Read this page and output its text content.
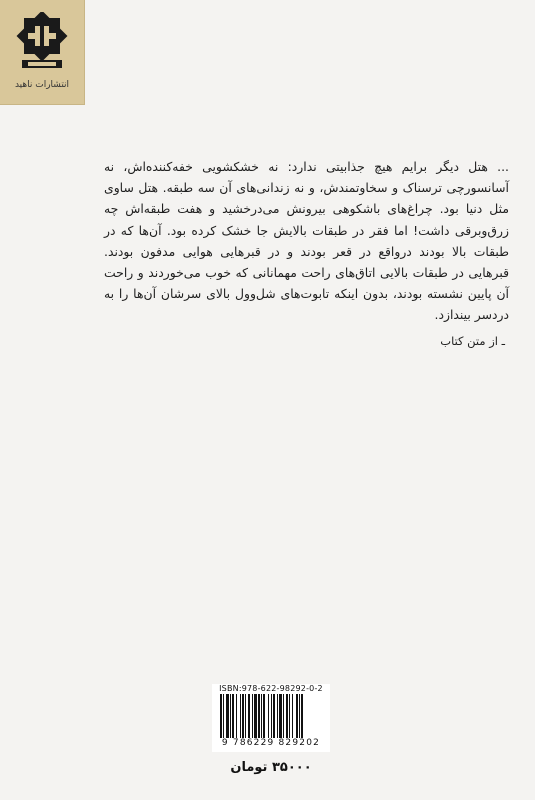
انتشارات ناهید

... هتل دیگر برایم هیچ جذابیتی ندارد: نه خشکشویی خفه‌کننده‌اش، نه آسانسورچی ترسناک و سخاوتمندش، و نه زندانی‌های آن سه طبقه. هتل ساوی مثل دنیا بود. چراغ‌های باشکوهی بیرونش می‌درخشید و هفت طبقه‌اش چه زرق‌وبرقی داشت! اما فقر در طبقات بالایش جا خشک کرده بود. آن‌ها که در طبقات بالا بودند درواقع در قعر بودند و در قبرهایی هوایی مدفون بودند. قبرهایی در طبقات بالایی اتاق‌های راحت مهمانانی که خوب می‌خوردند و راحت آن پایین نشسته بودند، بدون اینکه تابوت‌های شل‌وول بالای سرشان آن‌ها را به دردسر بیندازد.

ـ از متن کتاب
ISBN:978-622-98292-0-2
9 786229 829202
۳۵۰۰۰ تومان
